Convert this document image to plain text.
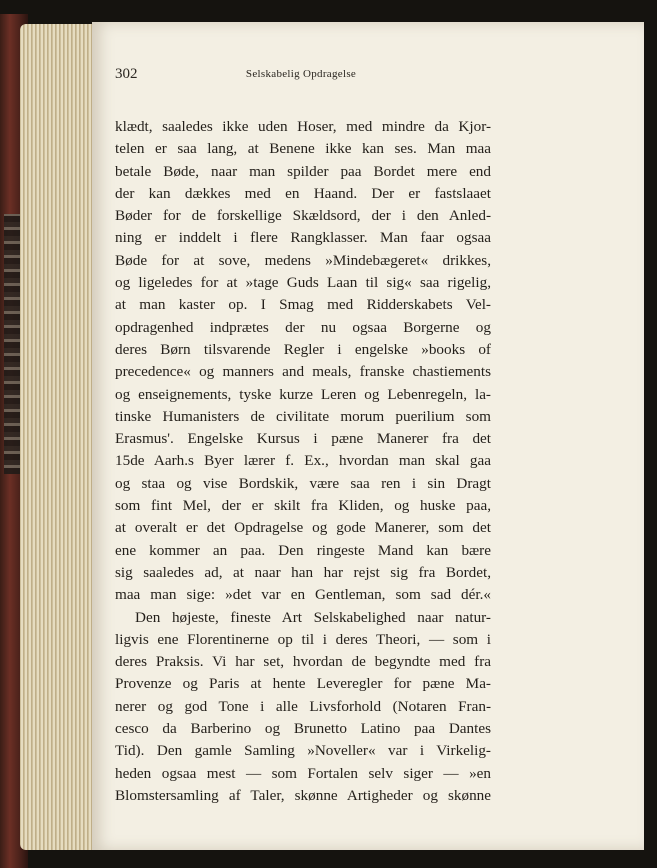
302	Selskabelig Opdragelse
klædt, saaledes ikke uden Hoser, med mindre da Kjor-
telen er saa lang, at Benene ikke kan ses. Man maa
betale Bøde, naar man spilder paa Bordet mere end
der kan dækkes med en Haand. Der er fastslaaet
Bøder for de forskellige Skældsord, der i den Anled-
ning er inddelt i flere Rangklasser. Man faar ogsaa
Bøde for at sove, medens »Mindebægeret« drikkes,
og ligeledes for at »tage Guds Laan til sig« saa rigelig,
at man kaster op. I Smag med Ridderskabets Vel-
opdragenhed indprætes der nu ogsaa Borgerne og
deres Børn tilsvarende Regler i engelske »books of
precedence« og manners and meals, franske chastiements
og enseignements, tyske kurze Leren og Lebenregeln, la-
tinske Humanisters de civilitate morum puerilium som
Erasmus'. Engelske Kursus i pæne Manerer fra det
15de Aarh.s Byer lærer f. Ex., hvordan man skal gaa
og staa og vise Bordskik, være saa ren i sin Dragt
som fint Mel, der er skilt fra Kliden, og huske paa,
at overalt er det Opdragelse og gode Manerer, som det
ene kommer an paa. Den ringeste Mand kan bære
sig saaledes ad, at naar han har rejst sig fra Bordet,
maa man sige: »det var en Gentleman, som sad dér.«
Den højeste, fineste Art Selskabelighed naar natur-
ligvis ene Florentinerne op til i deres Theori, — som i
deres Praksis. Vi har set, hvordan de begyndte med fra
Provenze og Paris at hente Leveregler for pæne Ma-
nerer og god Tone i alle Livsforhold (Notaren Fran-
cesco da Barberino og Brunetto Latino paa Dantes
Tid). Den gamle Samling »Noveller« var i Virkelig-
heden ogsaa mest — som Fortalen selv siger — »en
Blomstersamling af Taler, skønne Artigheder og skønne
